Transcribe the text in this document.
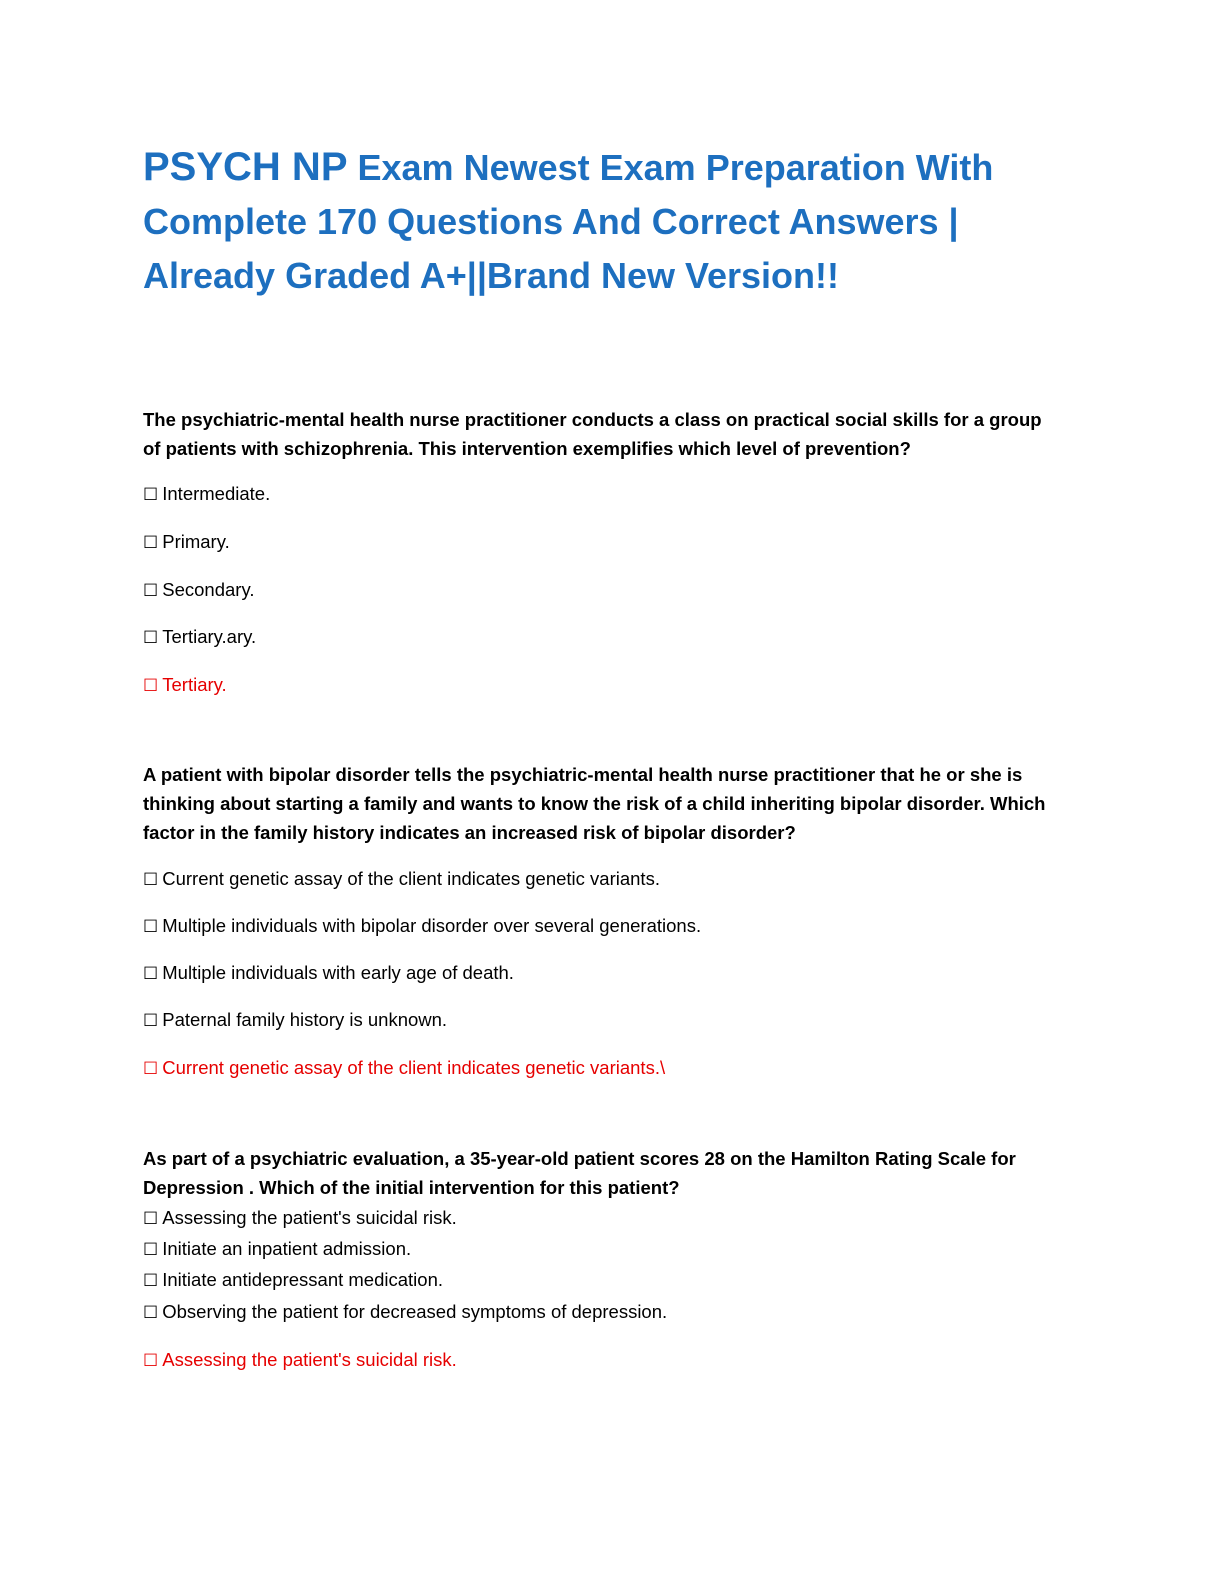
PSYCH NP Exam Newest Exam Preparation With Complete 170 Questions And Correct Answers | Already Graded A+||Brand New Version!!

The psychiatric-mental health nurse practitioner conducts a class on practical social skills for a group of patients with schizophrenia. This intervention exemplifies which level of prevention?

☐ Intermediate.

☐ Primary.

☐ Secondary.

☐ Tertiary.ary.

☐ Tertiary.

A patient with bipolar disorder tells the psychiatric-mental health nurse practitioner that he or she is thinking about starting a family and wants to know the risk of a child inheriting bipolar disorder. Which factor in the family history indicates an increased risk of bipolar disorder?

☐ Current genetic assay of the client indicates genetic variants.

☐ Multiple individuals with bipolar disorder over several generations.

☐ Multiple individuals with early age of death.

☐ Paternal family history is unknown.

☐ Current genetic assay of the client indicates genetic variants.\

As part of a psychiatric evaluation, a 35-year-old patient scores 28 on the Hamilton Rating Scale for Depression . Which of the initial intervention for this patient?

☐ Assessing the patient's suicidal risk.

☐ Initiate an inpatient admission.

☐ Initiate antidepressant medication.

☐ Observing the patient for decreased symptoms of depression.

☐ Assessing the patient's suicidal risk.
